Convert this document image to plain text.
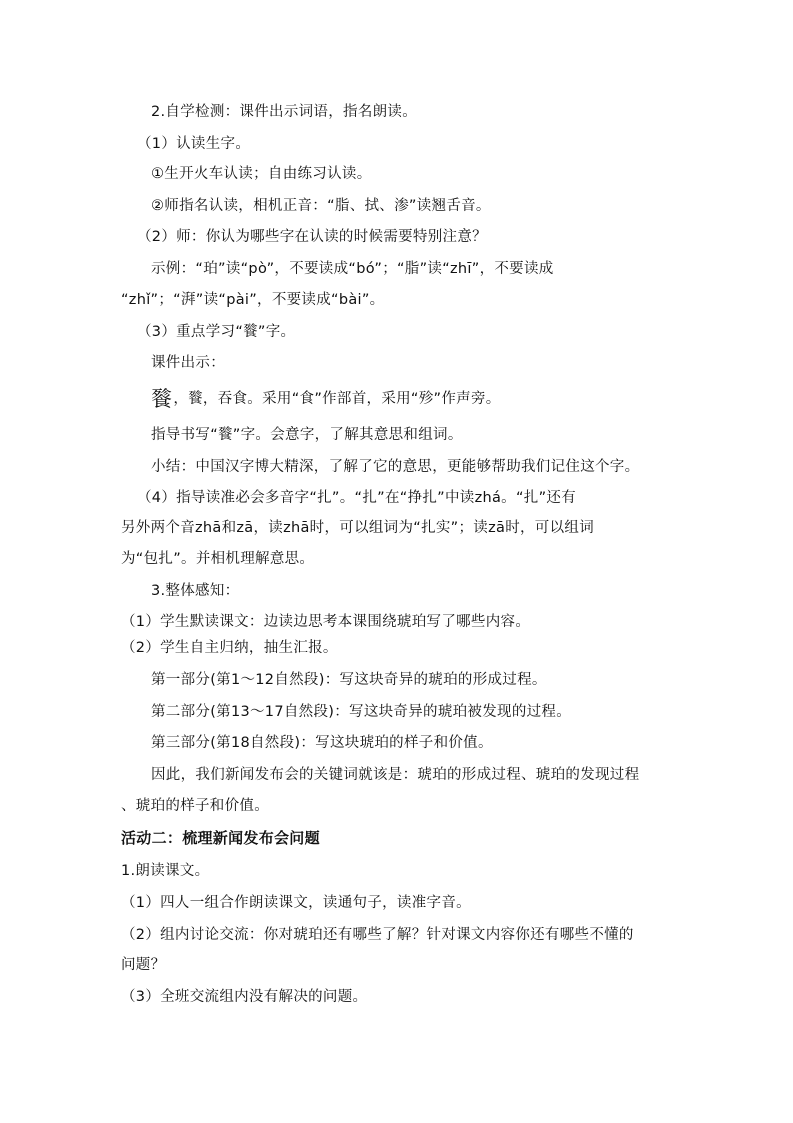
2.自学检测：课件出示词语，指名朗读。
（1）认读生字。
①生开火车认读；自由练习认读。
②师指名认读，相机正音：“脂、拭、渗”读翘舌音。
（2）师：你认为哪些字在认读的时候需要特别注意？
示例：“珀”读“pò”，不要读成“bó”；“脂”读“zhī”，不要读成
“zhǐ”；“湃”读“pài”，不要读成“bài”。
（3）重点学习“餮”字。
课件出示：
餮，餮，吞食。采用“食”作部首，采用“殄”作声旁。
指导书写“餮”字。会意字，了解其意思和组词。
小结：中国汉字博大精深，了解了它的意思，更能够帮助我们记住这个字。
（4）指导读准必会多音字“扎”。“扎”在“挣扎”中读zhá。“扎”还有
另外两个音zhā和zā，读zhā时，可以组词为“扎实”；读zā时，可以组词
为“包扎”。并相机理解意思。
3.整体感知：
（1）学生默读课文：边读边思考本课围绕琥珀写了哪些内容。
（2）学生自主归纳，抽生汇报。
第一部分(第1～12自然段)：写这块奇异的琥珀的形成过程。
第二部分(第13～17自然段)：写这块奇异的琥珀被发现的过程。
第三部分(第18自然段)：写这块琥珀的样子和价值。
因此，我们新闻发布会的关键词就该是：琥珀的形成过程、琥珀的发现过程
、琥珀的样子和价值。
活动二：梳理新闻发布会问题
1.朗读课文。
（1）四人一组合作朗读课文，读通句子，读准字音。
（2）组内讨论交流：你对琥珀还有哪些了解？针对课文内容你还有哪些不懂的
问题？
（3）全班交流组内没有解决的问题。
